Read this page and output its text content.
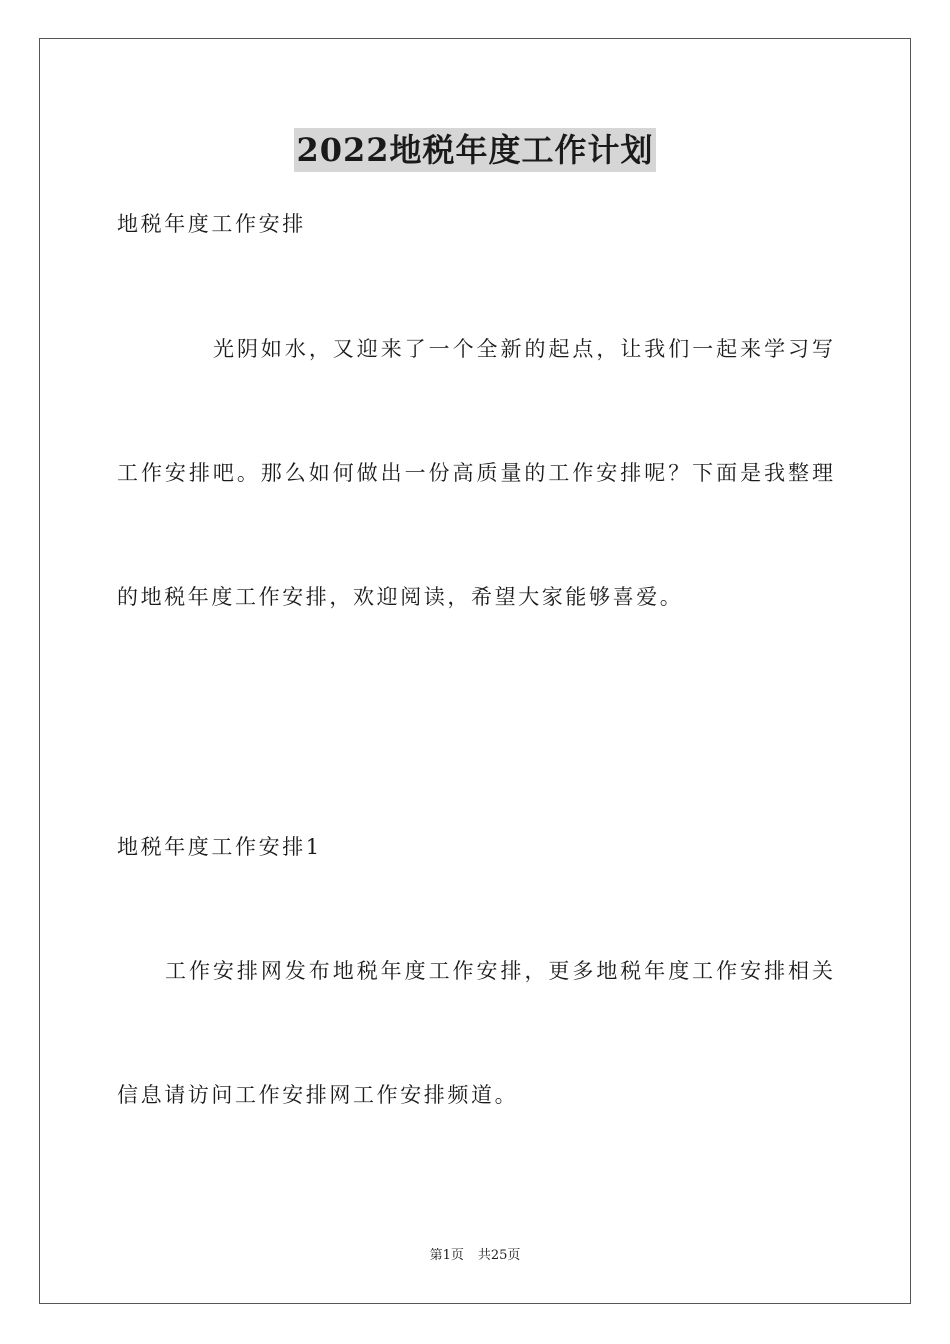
2022地税年度工作计划

地税年度工作安排

光阴如水，又迎来了一个全新的起点，让我们一起来学习写

工作安排吧。那么如何做出一份高质量的工作安排呢？下面是我整理

的地税年度工作安排，欢迎阅读，希望大家能够喜爱。

地税年度工作安排1

工作安排网发布地税年度工作安排，更多地税年度工作安排相关

信息请访问工作安排网工作安排频道。

第1页 共25页
